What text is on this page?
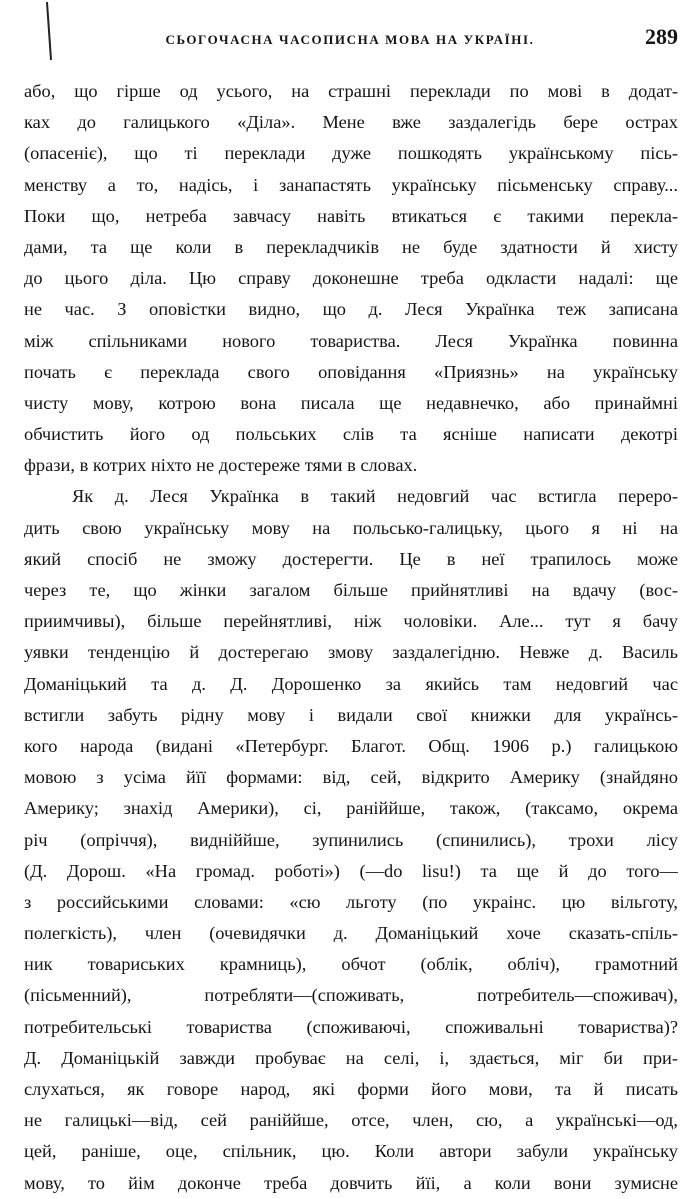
СЬОГОЧАСНА ЧАСОПИСНА МОВА НА УКРАЇНІ.	289
або, що гірше од усього, на страшні переклади по мові в додат-
ках до галицького «Діла». Мене вже заздалегідь бере острах
(опасеніє), що ті переклади дуже пошкодять українському пісь-
менству а то, надісь, і занапастять українську пісьменську справу...
Поки що, нетреба завчасу навіть втикаться є такими перекла-
дами, та ще коли в перекладчиків не буде здатности й хисту
до цього діла. Цю справу доконешне треба одкласти надалі: ще
не час. З оповістки видно, що д. Леся Українка теж записана
між спільниками нового товариства. Леся Українка повинна
почать є переклада свого оповідання «Приязнь» на українську
чисту мову, котрою вона писала ще недавнечко, або принаймні
обчистить його од польських слів та ясніше написати декотрі
фрази, в котрих ніхто не достереже тями в словах.
Як д. Леся Українка в такий недовгий час встигла переро-
дить свою українську мову на польсько-галицьку, цього я ні на
який спосіб не зможу достерегти. Це в неї трапилось може
через те, що жінки загалом більше прийнятливі на вдачу (вос-
приимчивы), більше перейнятливі, ніж чоловіки. Але... тут я бачу
уявки тенденцію й достерегаю змову заздалегідню. Невже д. Василь
Доманіцький та д. Д. Дорошенко за якийсь там недовгий час
встигли забуть рідну мову і видали свої книжки для українсь-
кого народа (видані «Петербург. Благот. Общ. 1906 р.) галицькою
мовою з усіма йїї формами: від, сей, відкрито Америку (знайдяно
Америку; знахід Америки), сі, раніййше, також, (таксамо, окрема
річ (опріччя), видніййше, зупинились (спинились), трохи лісу
(Д. Дорош. «На громад. роботі») (—do lisu!) та ще й до того—
з российськими словами: «сю льготу (по украінс. цю вільготу,
полегкість), член (очевидячки д. Доманіцький хоче сказать-спіль-
ник товариських крамниць), обчот (облік, обліч), грамотний
(пісьменний), потребляти—(споживать, потребитель—споживач),
потребительські товариства (споживаючі, споживальні товариства)?
Д. Доманіцькій завжди пробуває на селі, і, здається, міг би при-
слухаться, як говоре народ, які форми його мови, та й писать
не галицькі—від, сей раніййше, отсе, член, сю, а українські—од,
цей, раніше, оце, спільник, цю. Коли автори забули українську
мову, то йім доконче треба довчить йїі, а коли вони зумисне
